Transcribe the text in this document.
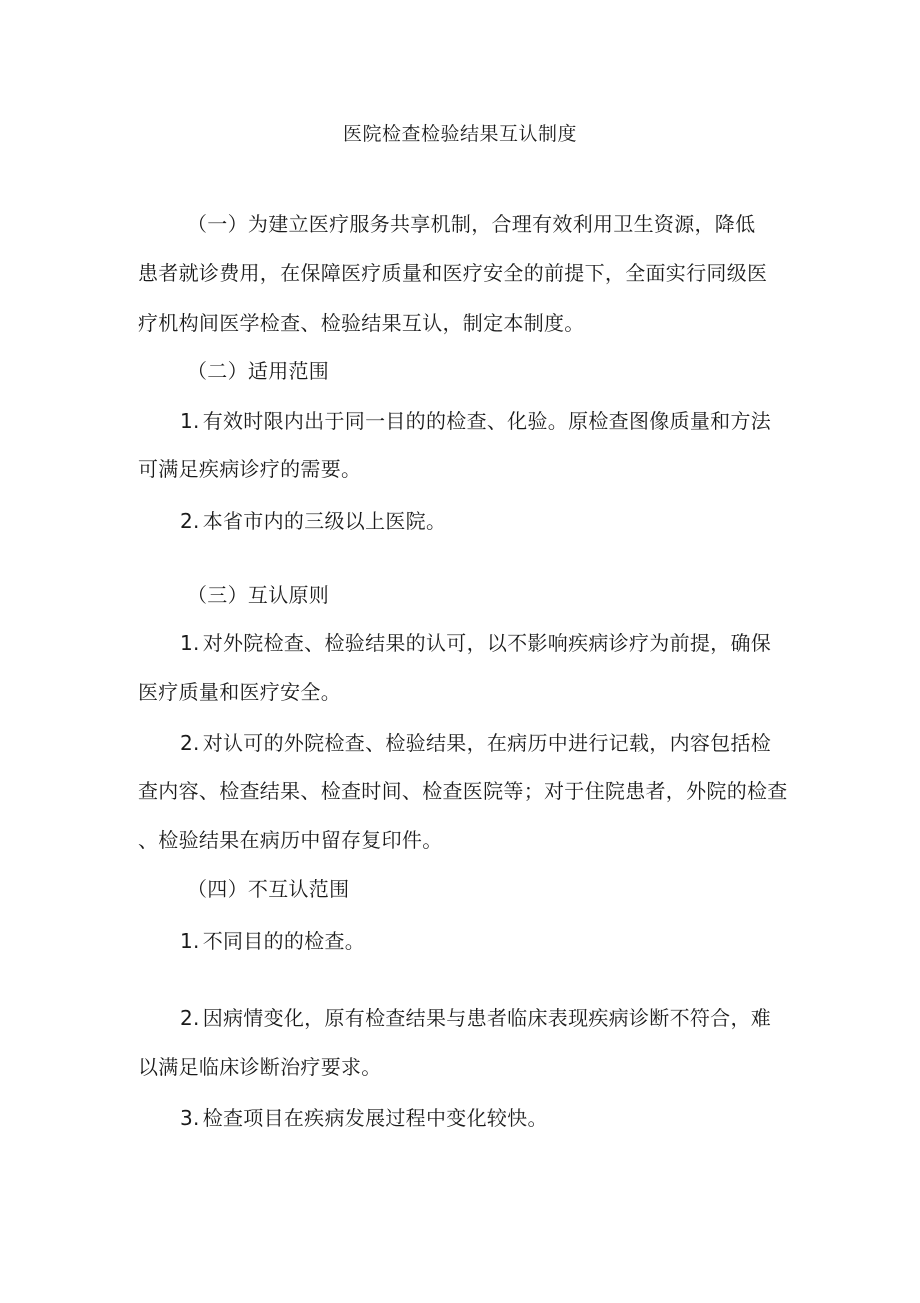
医院检查检验结果互认制度
（一）为建立医疗服务共享机制，合理有效利用卫生资源，降低
患者就诊费用，在保障医疗质量和医疗安全的前提下，全面实行同级医
疗机构间医学检查、检验结果互认，制定本制度。
（二）适用范围
1. 有效时限内出于同一目的的检查、化验。原检查图像质量和方法
可满足疾病诊疗的需要。
2. 本省市内的三级以上医院。
（三）互认原则
1. 对外院检查、检验结果的认可，以不影响疾病诊疗为前提，确保
医疗质量和医疗安全。
2. 对认可的外院检查、检验结果，在病历中进行记载，内容包括检
查内容、检查结果、检查时间、检查医院等；对于住院患者，外院的检查
、检验结果在病历中留存复印件。
（四）不互认范围
1. 不同目的的检查。
2. 因病情变化，原有检查结果与患者临床表现疾病诊断不符合，难
以满足临床诊断治疗要求。
3. 检查项目在疾病发展过程中变化较快。
